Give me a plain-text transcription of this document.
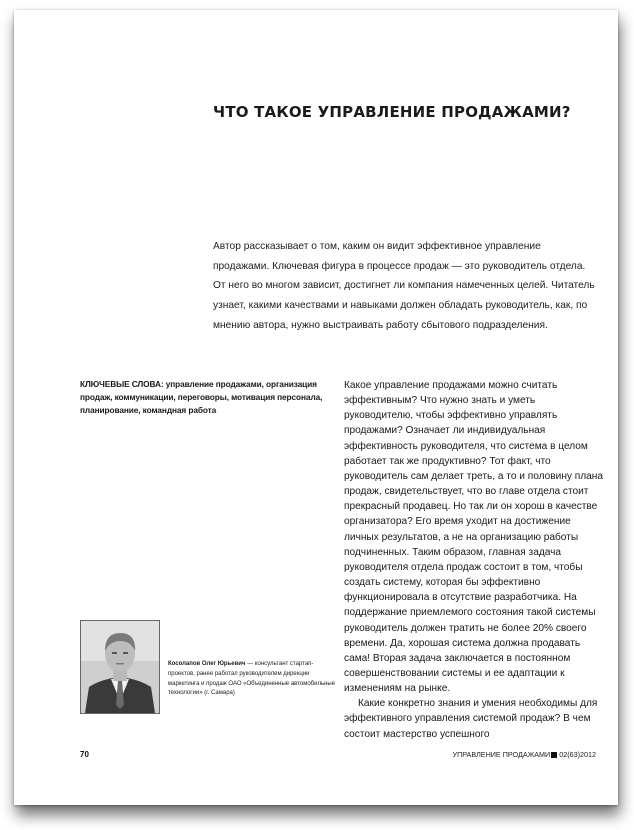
ЧТО ТАКОЕ УПРАВЛЕНИЕ ПРОДАЖАМИ?

Автор рассказывает о том, каким он видит эффективное управление продажами. Ключевая фигура в процессе продаж — это руководитель отдела. От него во многом зависит, достигнет ли компания намеченных целей. Читатель узнает, какими качествами и навыками должен обладать руководитель, как, по мнению автора, нужно выстраивать работу сбытового подразделения.

КЛЮЧЕВЫЕ СЛОВА: управление продажами, организация продаж, коммуникации, переговоры, мотивация персонала, планирование, командная работа

Какое управление продажами можно считать эффективным? Что нужно знать и уметь руководителю, чтобы эффективно управлять продажами? Означает ли индивидуальная эффективность руководителя, что система в целом работает так же продуктивно? Тот факт, что руководитель сам делает треть, а то и половину плана продаж, свидетельствует, что во главе отдела стоит прекрасный продавец. Но так ли он хорош в качестве организатора? Его время уходит на достижение личных результатов, а не на организацию работы подчиненных. Таким образом, главная задача руководителя отдела продаж состоит в том, чтобы создать систему, которая бы эффективно функционировала в отсутствие разработчика. На поддержание приемлемого состояния такой системы руководитель должен тратить не более 20% своего времени. Да, хорошая система должна продавать сама! Вторая задача заключается в постоянном совершенствовании системы и ее адаптации к изменениям на рынке.

Какие конкретно знания и умения необходимы для эффективного управления системой продаж? В чем состоит мастерство успешного

Косолапов Олег Юрьевич — консультант стартап-проектов, ранее работал руководителем дирекции маркетинга и продаж ОАО «Объединенные автомобильные технологии» (г. Самара)
70	УПРАВЛЕНИЕ ПРОДАЖАМИ 02(63)2012
